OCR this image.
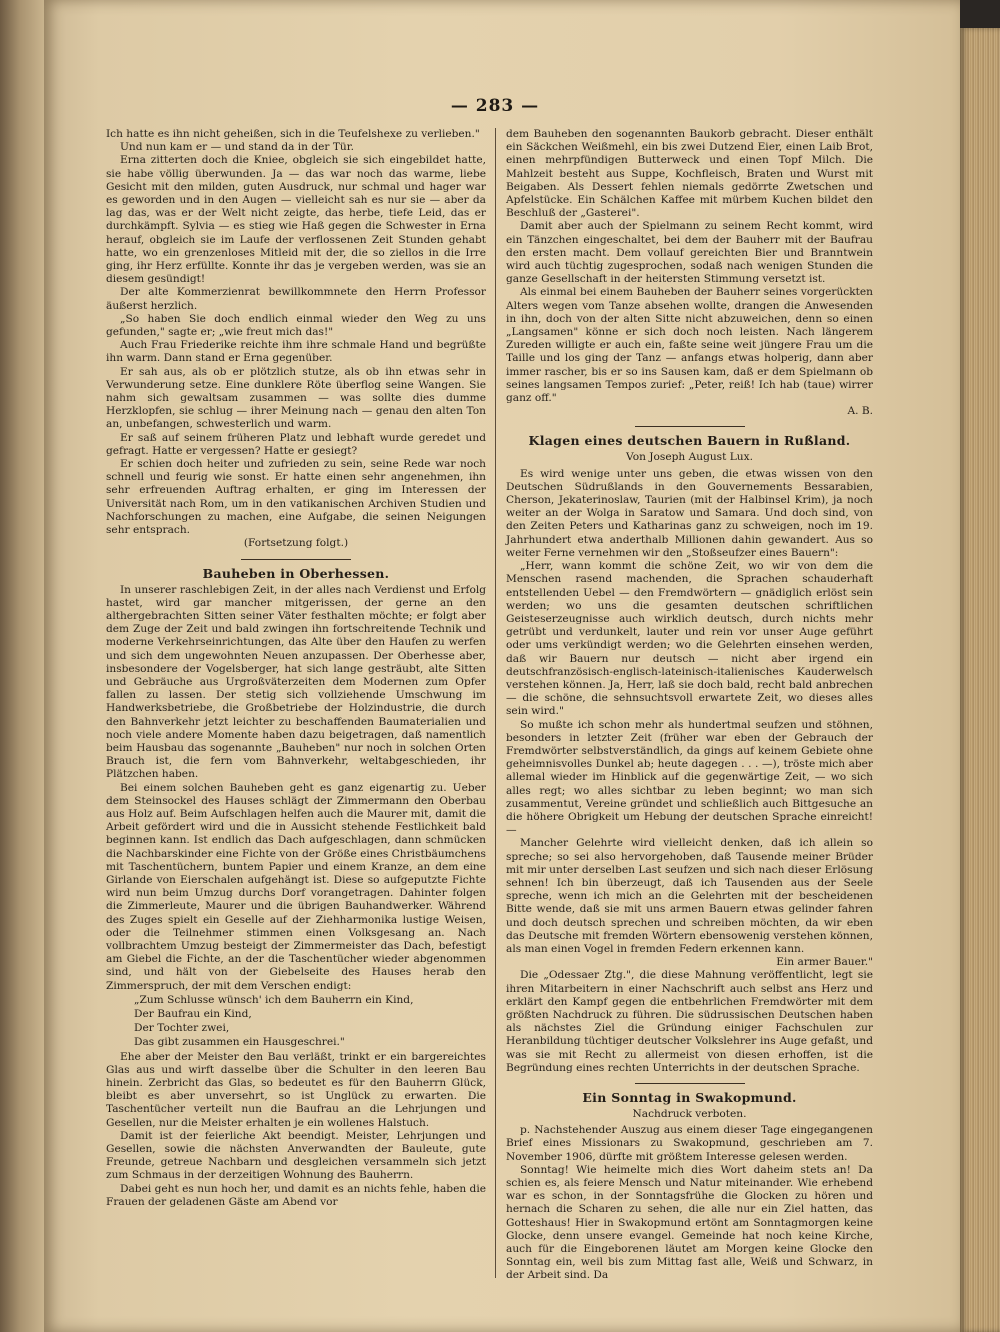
— 283 —

Ich hatte es ihn nicht geheißen, sich in die Teufelshexe zu verlieben."

Und nun kam er — und stand da in der Tür.

Erna zitterten doch die Kniee, obgleich sie sich eingebildet hatte, sie habe völlig überwunden. Ja — das war noch das warme, liebe Gesicht mit den milden, guten Ausdruck, nur schmal und hager war es geworden und in den Augen — vielleicht sah es nur sie — aber da lag das, was er der Welt nicht zeigte, das herbe, tiefe Leid, das er durchkämpft. Sylvia — es stieg wie Haß gegen die Schwester in Erna herauf, obgleich sie im Laufe der verflossenen Zeit Stunden gehabt hatte, wo ein grenzenloses Mitleid mit der, die so ziellos in die Irre ging, ihr Herz erfüllte. Konnte ihr das je vergeben werden, was sie an diesem gesündigt!

Der alte Kommerzienrat bewillkommnete den Herrn Professor äußerst herzlich.

„So haben Sie doch endlich einmal wieder den Weg zu uns gefunden," sagte er; „wie freut mich das!"

Auch Frau Friederike reichte ihm ihre schmale Hand und begrüßte ihn warm. Dann stand er Erna gegenüber.

Er sah aus, als ob er plötzlich stutze, als ob ihn etwas sehr in Verwunderung setze. Eine dunklere Röte überflog seine Wangen. Sie nahm sich gewaltsam zusammen — was sollte dies dumme Herzklopfen, sie schlug — ihrer Meinung nach — genau den alten Ton an, unbefangen, schwesterlich und warm.

Er saß auf seinem früheren Platz und lebhaft wurde geredet und gefragt. Hatte er vergessen? Hatte er gesiegt?

Er schien doch heiter und zufrieden zu sein, seine Rede war noch schnell und feurig wie sonst. Er hatte einen sehr angenehmen, ihn sehr erfreuenden Auftrag erhalten, er ging im Interessen der Universität nach Rom, um in den vatikanischen Archiven Studien und Nachforschungen zu machen, eine Aufgabe, die seinen Neigungen sehr entsprach.

(Fortsetzung folgt.)

Bauheben in Oberhessen.

In unserer raschlebigen Zeit, in der alles nach Verdienst und Erfolg hastet, wird gar mancher mitgerissen, der gerne an den althergebrachten Sitten seiner Väter festhalten möchte; er folgt aber dem Zuge der Zeit und bald zwingen ihn fortschreitende Technik und moderne Verkehrseinrichtungen, das Alte über den Haufen zu werfen und sich dem ungewohnten Neuen anzupassen. Der Oberhesse aber, insbesondere der Vogelsberger, hat sich lange gesträubt, alte Sitten und Gebräuche aus Urgroßväterzeiten dem Modernen zum Opfer fallen zu lassen. Der stetig sich vollziehende Umschwung im Handwerksbetriebe, die Großbetriebe der Holzindustrie, die durch den Bahnverkehr jetzt leichter zu beschaffenden Baumaterialien und noch viele andere Momente haben dazu beigetragen, daß namentlich beim Hausbau das sogenannte „Bauheben" nur noch in solchen Orten Brauch ist, die fern vom Bahnverkehr, weltabgeschieden, ihr Plätzchen haben.

Bei einem solchen Bauheben geht es ganz eigenartig zu. Ueber dem Steinsockel des Hauses schlägt der Zimmermann den Oberbau aus Holz auf. Beim Aufschlagen helfen auch die Maurer mit, damit die Arbeit gefördert wird und die in Aussicht stehende Festlichkeit bald beginnen kann. Ist endlich das Dach aufgeschlagen, dann schmücken die Nachbarskinder eine Fichte von der Größe eines Christbäumchens mit Taschentüchern, buntem Papier und einem Kranze, an dem eine Girlande von Eierschalen aufgehängt ist. Diese so aufgeputzte Fichte wird nun beim Umzug durchs Dorf vorangetragen. Dahinter folgen die Zimmerleute, Maurer und die übrigen Bauhandwerker. Während des Zuges spielt ein Geselle auf der Ziehharmonika lustige Weisen, oder die Teilnehmer stimmen einen Volksgesang an. Nach vollbrachtem Umzug besteigt der Zimmermeister das Dach, befestigt am Giebel die Fichte, an der die Taschentücher wieder abgenommen sind, und hält von der Giebelseite des Hauses herab den Zimmerspruch, der mit dem Verschen endigt:

„Zum Schlusse wünsch' ich dem Bauherrn ein Kind,

Der Baufrau ein Kind,

Der Tochter zwei,

Das gibt zusammen ein Hausgeschrei."

Ehe aber der Meister den Bau verläßt, trinkt er ein bargereichtes Glas aus und wirft dasselbe über die Schulter in den leeren Bau hinein. Zerbricht das Glas, so bedeutet es für den Bauherrn Glück, bleibt es aber unversehrt, so ist Unglück zu erwarten. Die Taschentücher verteilt nun die Baufrau an die Lehrjungen und Gesellen, nur die Meister erhalten je ein wollenes Halstuch.

Damit ist der feierliche Akt beendigt. Meister, Lehrjungen und Gesellen, sowie die nächsten Anverwandten der Bauleute, gute Freunde, getreue Nachbarn und desgleichen versammeln sich jetzt zum Schmaus in der derzeitigen Wohnung des Bauherrn.

Dabei geht es nun hoch her, und damit es an nichts fehle, haben die Frauen der geladenen Gäste am Abend vor

dem Bauheben den sogenannten Baukorb gebracht. Dieser enthält ein Säckchen Weißmehl, ein bis zwei Dutzend Eier, einen Laib Brot, einen mehrpfündigen Butterweck und einen Topf Milch. Die Mahlzeit besteht aus Suppe, Kochfleisch, Braten und Wurst mit Beigaben. Als Dessert fehlen niemals gedörrte Zwetschen und Apfelstücke. Ein Schälchen Kaffee mit mürbem Kuchen bildet den Beschluß der „Gasterei".

Damit aber auch der Spielmann zu seinem Recht kommt, wird ein Tänzchen eingeschaltet, bei dem der Bauherr mit der Baufrau den ersten macht. Dem vollauf gereichten Bier und Branntwein wird auch tüchtig zugesprochen, sodaß nach wenigen Stunden die ganze Gesellschaft in der heitersten Stimmung versetzt ist.

Als einmal bei einem Bauheben der Bauherr seines vorgerückten Alters wegen vom Tanze absehen wollte, drangen die Anwesenden in ihn, doch von der alten Sitte nicht abzuweichen, denn so einen „Langsamen" könne er sich doch noch leisten. Nach längerem Zureden willigte er auch ein, faßte seine weit jüngere Frau um die Taille und los ging der Tanz — anfangs etwas holperig, dann aber immer rascher, bis er so ins Sausen kam, daß er dem Spielmann ob seines langsamen Tempos zurief: „Peter, reiß! Ich hab (taue) wirrer ganz off."

A. B.

Klagen eines deutschen Bauern in Rußland.

Von Joseph August Lux.

Es wird wenige unter uns geben, die etwas wissen von den Deutschen Südrußlands in den Gouvernements Bessarabien, Cherson, Jekaterinoslaw, Taurien (mit der Halbinsel Krim), ja noch weiter an der Wolga in Saratow und Samara. Und doch sind, von den Zeiten Peters und Katharinas ganz zu schweigen, noch im 19. Jahrhundert etwa anderthalb Millionen dahin gewandert. Aus so weiter Ferne vernehmen wir den „Stoßseufzer eines Bauern":

„Herr, wann kommt die schöne Zeit, wo wir von dem die Menschen rasend machenden, die Sprachen schauderhaft entstellenden Uebel — den Fremdwörtern — gnädiglich erlöst sein werden; wo uns die gesamten deutschen schriftlichen Geisteserzeugnisse auch wirklich deutsch, durch nichts mehr getrübt und verdunkelt, lauter und rein vor unser Auge geführt oder ums verkündigt werden; wo die Gelehrten einsehen werden, daß wir Bauern nur deutsch — nicht aber irgend ein deutschfranzösisch-englisch-lateinisch-italienisches Kauderwelsch verstehen können. Ja, Herr, laß sie doch bald, recht bald anbrechen — die schöne, die sehnsuchtsvoll erwartete Zeit, wo dieses alles sein wird."

So mußte ich schon mehr als hundertmal seufzen und stöhnen, besonders in letzter Zeit (früher war eben der Gebrauch der Fremdwörter selbstverständlich, da gings auf keinem Gebiete ohne geheimnisvolles Dunkel ab; heute dagegen . . . —), tröste mich aber allemal wieder im Hinblick auf die gegenwärtige Zeit, — wo sich alles regt; wo alles sichtbar zu leben beginnt; wo man sich zusammentut, Vereine gründet und schließlich auch Bittgesuche an die höhere Obrigkeit um Hebung der deutschen Sprache einreicht! —

Mancher Gelehrte wird vielleicht denken, daß ich allein so spreche; so sei also hervorgehoben, daß Tausende meiner Brüder mit mir unter derselben Last seufzen und sich nach dieser Erlösung sehnen! Ich bin überzeugt, daß ich Tausenden aus der Seele spreche, wenn ich mich an die Gelehrten mit der bescheidenen Bitte wende, daß sie mit uns armen Bauern etwas gelinder fahren und doch deutsch sprechen und schreiben möchten, da wir eben das Deutsche mit fremden Wörtern ebensowenig verstehen können, als man einen Vogel in fremden Federn erkennen kann.

Ein armer Bauer."

Die „Odessaer Ztg.", die diese Mahnung veröffentlicht, legt sie ihren Mitarbeitern in einer Nachschrift auch selbst ans Herz und erklärt den Kampf gegen die entbehrlichen Fremdwörter mit dem größten Nachdruck zu führen. Die südrussischen Deutschen haben als nächstes Ziel die Gründung einiger Fachschulen zur Heranbildung tüchtiger deutscher Volkslehrer ins Auge gefaßt, und was sie mit Recht zu allermeist von diesen erhoffen, ist die Begründung eines rechten Unterrichts in der deutschen Sprache.

Ein Sonntag in Swakopmund.

Nachdruck verboten.

p. Nachstehender Auszug aus einem dieser Tage eingegangenen Brief eines Missionars zu Swakopmund, geschrieben am 7. November 1906, dürfte mit größtem Interesse gelesen werden.

Sonntag! Wie heimelte mich dies Wort daheim stets an! Da schien es, als feiere Mensch und Natur miteinander. Wie erhebend war es schon, in der Sonntagsfrühe die Glocken zu hören und hernach die Scharen zu sehen, die alle nur ein Ziel hatten, das Gotteshaus! Hier in Swakopmund ertönt am Sonntagmorgen keine Glocke, denn unsere evangel. Gemeinde hat noch keine Kirche, auch für die Eingeborenen läutet am Morgen keine Glocke den Sonntag ein, weil bis zum Mittag fast alle, Weiß und Schwarz, in der Arbeit sind. Da
